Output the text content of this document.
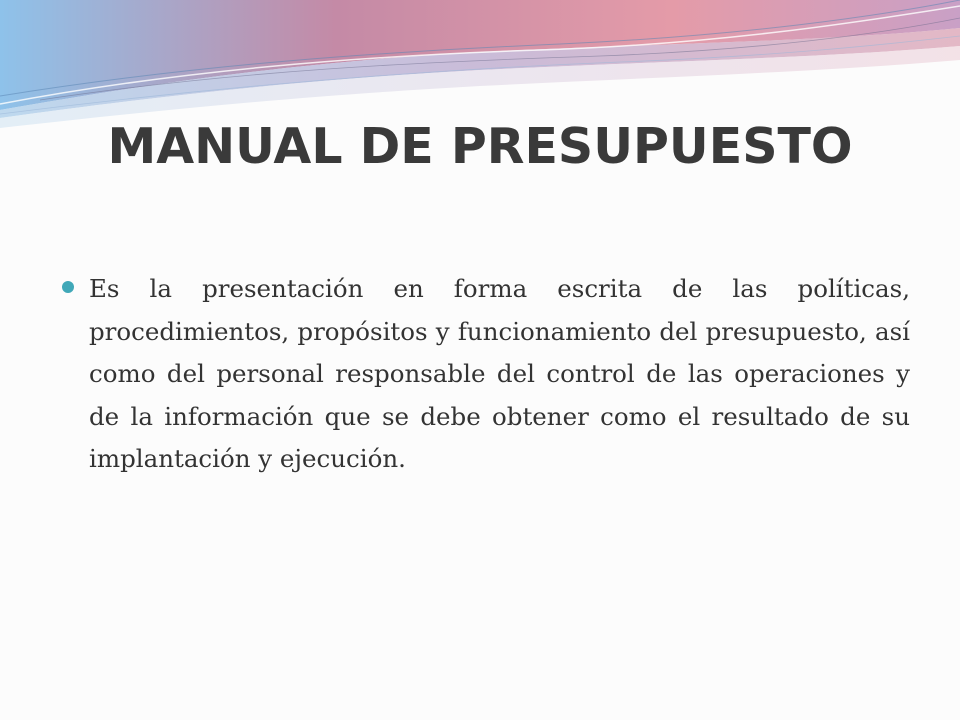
MANUAL DE PRESUPUESTO

Es la presentación en forma escrita de las políticas, procedimientos, propósitos y funcionamiento del presupuesto, así como del personal responsable del control de las operaciones y de la información que se debe obtener como el resultado de su implantación y ejecución.
